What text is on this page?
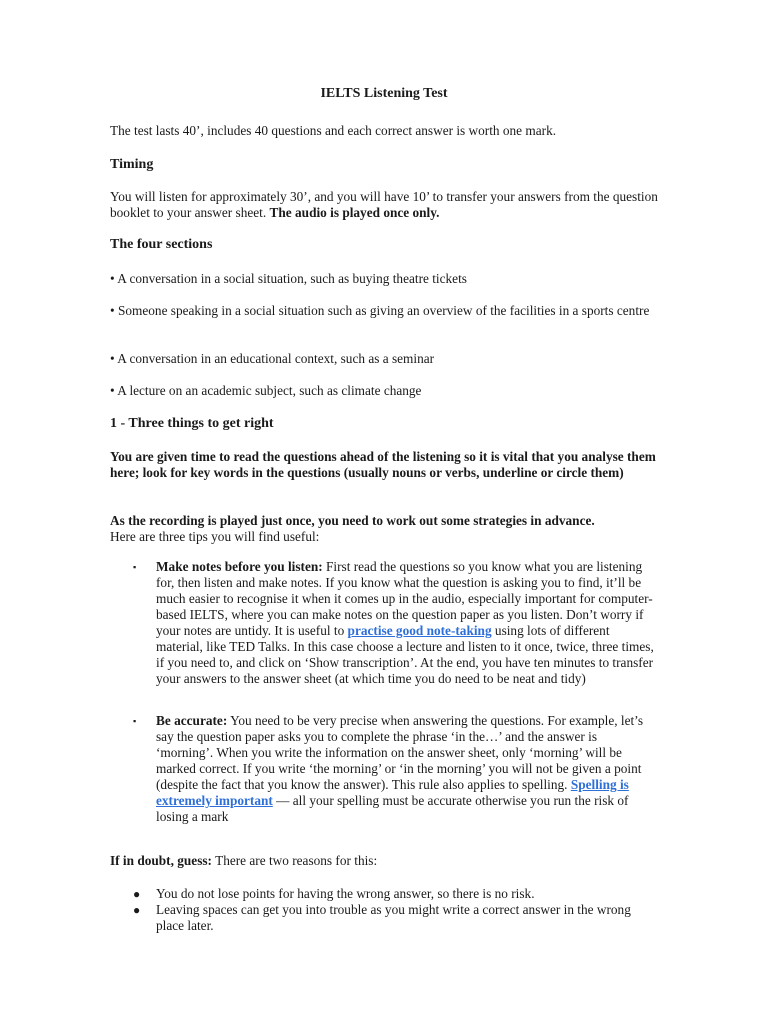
IELTS Listening Test

The test lasts 40’, includes 40 questions and each correct answer is worth one mark.

Timing

You will listen for approximately 30’, and you will have 10’ to transfer your answers from the question booklet to your answer sheet. The audio is played once only.

The four sections

• A conversation in a social situation, such as buying theatre tickets

• Someone speaking in a social situation such as giving an overview of the facilities in a sports centre

• A conversation in an educational context, such as a seminar

• A lecture on an academic subject, such as climate change

1 - Three things to get right

You are given time to read the questions ahead of the listening so it is vital that you analyse them here; look for key words in the questions (usually nouns or verbs, underline or circle them)

As the recording is played just once, you need to work out some strategies in advance.
Here are three tips you will find useful:

▪ Make notes before you listen: First read the questions so you know what you are listening for, then listen and make notes. If you know what the question is asking you to find, it’ll be much easier to recognise it when it comes up in the audio, especially important for computer-based IELTS, where you can make notes on the question paper as you listen. Don’t worry if your notes are untidy. It is useful to practise good note-taking using lots of different material, like TED Talks. In this case choose a lecture and listen to it once, twice, three times, if you need to, and click on ‘Show transcription’. At the end, you have ten minutes to transfer your answers to the answer sheet (at which time you do need to be neat and tidy)

▪ Be accurate: You need to be very precise when answering the questions. For example, let’s say the question paper asks you to complete the phrase ‘in the…’ and the answer is ‘morning’. When you write the information on the answer sheet, only ‘morning’ will be marked correct. If you write ‘the morning’ or ‘in the morning’ you will not be given a point (despite the fact that you know the answer). This rule also applies to spelling. Spelling is extremely important — all your spelling must be accurate otherwise you run the risk of losing a mark

If in doubt, guess: There are two reasons for this:

● You do not lose points for having the wrong answer, so there is no risk.

● Leaving spaces can get you into trouble as you might write a correct answer in the wrong place later.
